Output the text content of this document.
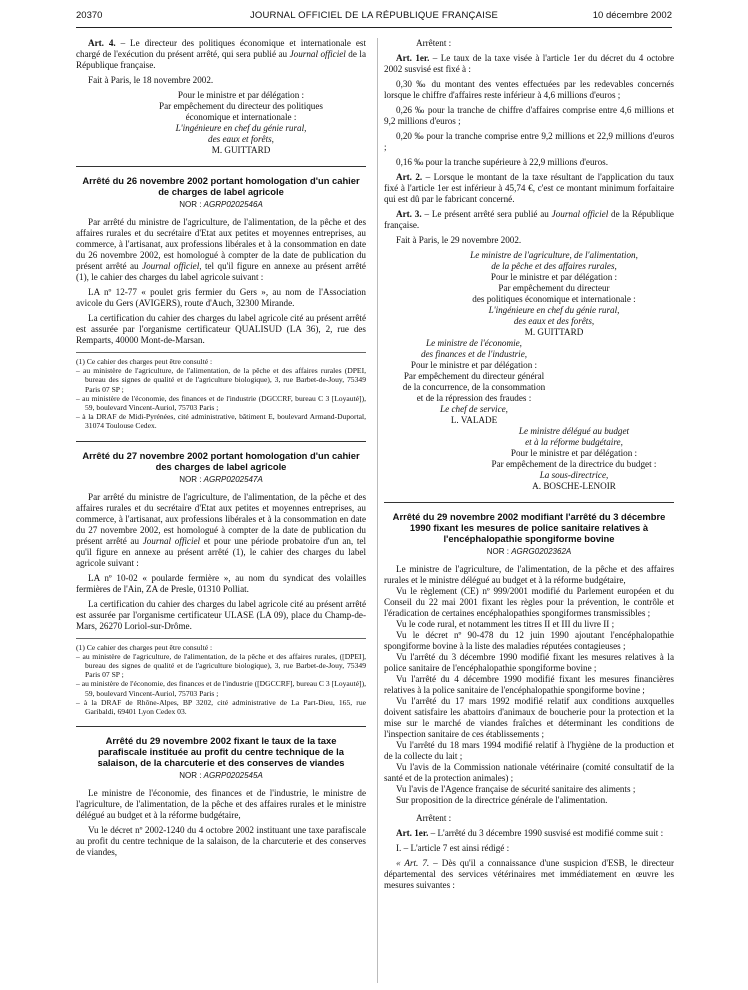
20370	JOURNAL OFFICIEL DE LA RÉPUBLIQUE FRANÇAISE	10 décembre 2002

Art. 4. – Le directeur des politiques économique et internationale est chargé de l'exécution du présent arrêté, qui sera publié au Journal officiel de la République française.

Fait à Paris, le 18 novembre 2002.

Pour le ministre et par délégation :
Par empêchement du directeur des politiques
économique et internationale :
L'ingénieure en chef du génie rural,
des eaux et forêts,
M. GUITTARD
Arrêté du 26 novembre 2002 portant homologation d'un cahier de charges de label agricole
NOR : AGRP0202546A

Par arrêté du ministre de l'agriculture, de l'alimentation, de la pêche et des affaires rurales et du secrétaire d'Etat aux petites et moyennes entreprises, au commerce, à l'artisanat, aux professions libérales et à la consommation en date du 26 novembre 2002, est homologué à compter de la date de publication du présent arrêté au Journal officiel, tel qu'il figure en annexe au présent arrêté (1), le cahier des charges du label agricole suivant :

LA nº 12-77 « poulet gris fermier du Gers », au nom de l'Association avicole du Gers (AVIGERS), route d'Auch, 32300 Mirande.

La certification du cahier des charges du label agricole cité au présent arrêté est assurée par l'organisme certificateur QUALISUD (LA 36), 2, rue des Remparts, 40000 Mont-de-Marsan.

(1) Ce cahier des charges peut être consulté :

– au ministère de l'agriculture, de l'alimentation, de la pêche et des affaires rurales (DPEI, bureau des signes de qualité et de l'agriculture biologique), 3, rue Barbet-de-Jouy, 75349 Paris 07 SP ;

– au ministère de l'économie, des finances et de l'industrie (DGCCRF, bureau C 3 [Loyauté]), 59, boulevard Vincent-Auriol, 75703 Paris ;

– à la DRAF de Midi-Pyrénées, cité administrative, bâtiment E, boulevard Armand-Duportal, 31074 Toulouse Cedex.

Arrêté du 27 novembre 2002 portant homologation d'un cahier des charges de label agricole
NOR : AGRP0202547A

Par arrêté du ministre de l'agriculture, de l'alimentation, de la pêche et des affaires rurales et du secrétaire d'Etat aux petites et moyennes entreprises, au commerce, à l'artisanat, aux professions libérales et à la consommation en date du 27 novembre 2002, est homologué à compter de la date de publication du présent arrêté au Journal officiel et pour une période probatoire d'un an, tel qu'il figure en annexe au présent arrêté (1), le cahier des charges du label agricole suivant :

LA nº 10-02 « poularde fermière », au nom du syndicat des volailles fermières de l'Ain, ZA de Presle, 01310 Polliat.

La certification du cahier des charges du label agricole cité au présent arrêté est assurée par l'organisme certificateur ULASE (LA 09), place du Champ-de-Mars, 26270 Loriol-sur-Drôme.

(1) Ce cahier des charges peut être consulté :

– au ministère de l'agriculture, de l'alimentation, de la pêche et des affaires rurales, ([DPEI], bureau des signes de qualité et de l'agriculture biologique), 3, rue Barbet-de-Jouy, 75349 Paris 07 SP ;

– au ministère de l'économie, des finances et de l'industrie ([DGCCRF], bureau C 3 [Loyauté]), 59, boulevard Vincent-Auriol, 75703 Paris ;

– à la DRAF de Rhône-Alpes, BP 3202, cité administrative de La Part-Dieu, 165, rue Garibaldi, 69401 Lyon Cedex 03.

Arrêté du 29 novembre 2002 fixant le taux de la taxe parafiscale instituée au profit du centre technique de la salaison, de la charcuterie et des conserves de viandes
NOR : AGRP0202545A

Le ministre de l'économie, des finances et de l'industrie, le ministre de l'agriculture, de l'alimentation, de la pêche et des affaires rurales et le ministre délégué au budget et à la réforme budgétaire,

Vu le décret nº 2002-1240 du 4 octobre 2002 instituant une taxe parafiscale au profit du centre technique de la salaison, de la charcuterie et des conserves de viandes,

Arrêtent :

Art. 1er. – Le taux de la taxe visée à l'article 1er du décret du 4 octobre 2002 susvisé est fixé à :

0,30 ‰ du montant des ventes effectuées par les redevables concernés lorsque le chiffre d'affaires reste inférieur à 4,6 millions d'euros ;

0,26 ‰ pour la tranche de chiffre d'affaires comprise entre 4,6 millions et 9,2 millions d'euros ;

0,20 ‰ pour la tranche comprise entre 9,2 millions et 22,9 millions d'euros ;

0,16 ‰ pour la tranche supérieure à 22,9 millions d'euros.

Art. 2. – Lorsque le montant de la taxe résultant de l'application du taux fixé à l'article 1er est inférieur à 45,74 €, c'est ce montant minimum forfaitaire qui est dû par le fabricant concerné.

Art. 3. – Le présent arrêté sera publié au Journal officiel de la République française.

Fait à Paris, le 29 novembre 2002.

Le ministre de l'agriculture, de l'alimentation,
de la pêche et des affaires rurales,
Pour le ministre et par délégation :
Par empêchement du directeur
des politiques économique et internationale :
L'ingénieure en chef du génie rural,
des eaux et des forêts,
M. GUITTARD
Le ministre de l'économie,
des finances et de l'industrie,
Pour le ministre et par délégation :
Par empêchement du directeur général
de la concurrence, de la consommation
et de la répression des fraudes :
Le chef de service,
L. VALADE
Le ministre délégué au budget
et à la réforme budgétaire,
Pour le ministre et par délégation :
Par empêchement de la directrice du budget :
La sous-directrice,
A. BOSCHE-LENOIR
Arrêté du 29 novembre 2002 modifiant l'arrêté du 3 décembre 1990 fixant les mesures de police sanitaire relatives à l'encéphalopathie spongiforme bovine
NOR : AGRG0202362A

Le ministre de l'agriculture, de l'alimentation, de la pêche et des affaires rurales et le ministre délégué au budget et à la réforme budgétaire,

Vu le règlement (CE) nº 999/2001 modifié du Parlement européen et du Conseil du 22 mai 2001 fixant les règles pour la prévention, le contrôle et l'éradication de certaines encéphalopathies spongiformes transmissibles ;

Vu le code rural, et notamment les titres II et III du livre II ;

Vu le décret nº 90-478 du 12 juin 1990 ajoutant l'encéphalopathie spongiforme bovine à la liste des maladies réputées contagieuses ;

Vu l'arrêté du 3 décembre 1990 modifié fixant les mesures relatives à la police sanitaire de l'encéphalopathie spongiforme bovine ;

Vu l'arrêté du 4 décembre 1990 modifié fixant les mesures financières relatives à la police sanitaire de l'encéphalopathie spongiforme bovine ;

Vu l'arrêté du 17 mars 1992 modifié relatif aux conditions auxquelles doivent satisfaire les abattoirs d'animaux de boucherie pour la protection et la mise sur le marché de viandes fraîches et déterminant les conditions de l'inspection sanitaire de ces établissements ;

Vu l'arrêté du 18 mars 1994 modifié relatif à l'hygiène de la production et de la collecte du lait ;

Vu l'avis de la Commission nationale vétérinaire (comité consultatif de la santé et de la protection animales) ;

Vu l'avis de l'Agence française de sécurité sanitaire des aliments ;

Sur proposition de la directrice générale de l'alimentation.

Arrêtent :

Art. 1er. – L'arrêté du 3 décembre 1990 susvisé est modifié comme suit :

I. – L'article 7 est ainsi rédigé :

« Art. 7. – Dès qu'il a connaissance d'une suspicion d'ESB, le directeur départemental des services vétérinaires met immédiatement en œuvre les mesures suivantes :
